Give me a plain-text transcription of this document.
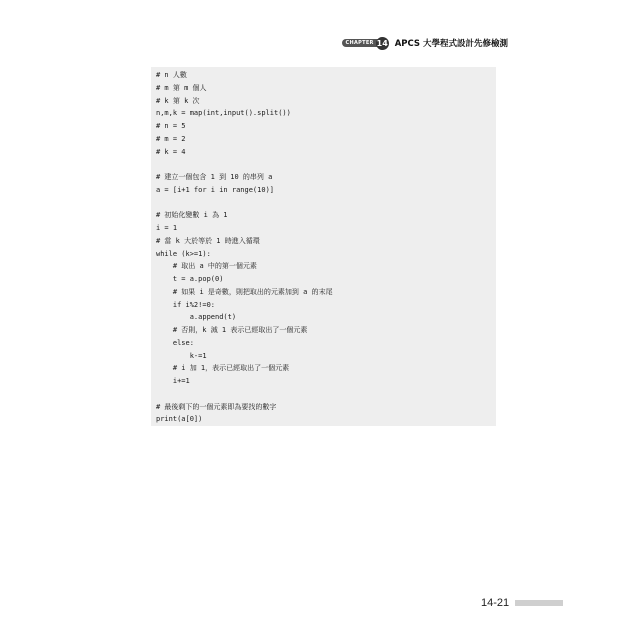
CHAPTER 14 APCS 大學程式設計先修檢測
# n 人數
# m 第 m 個人
# k 第 k 次
n,m,k = map(int,input().split())
# n = 5
# m = 2
# k = 4
# 建立一個包含 1 到 10 的串列 a
a = [i+1 for i in range(10)]
# 初始化變數 i 為 1
i = 1
# 當 k 大於等於 1 時進入循環
while (k>=1):
# 取出 a 中的第一個元素
t = a.pop(0)
# 如果 i 是奇數，則把取出的元素加到 a 的末尾
if i%2!=0:
a.append(t)
# 否則，k 減 1 表示已經取出了一個元素
else:
k-=1
# i 加 1，表示已經取出了一個元素
i+=1
# 最後剩下的一個元素即為要找的數字
print(a[0])
14-21
